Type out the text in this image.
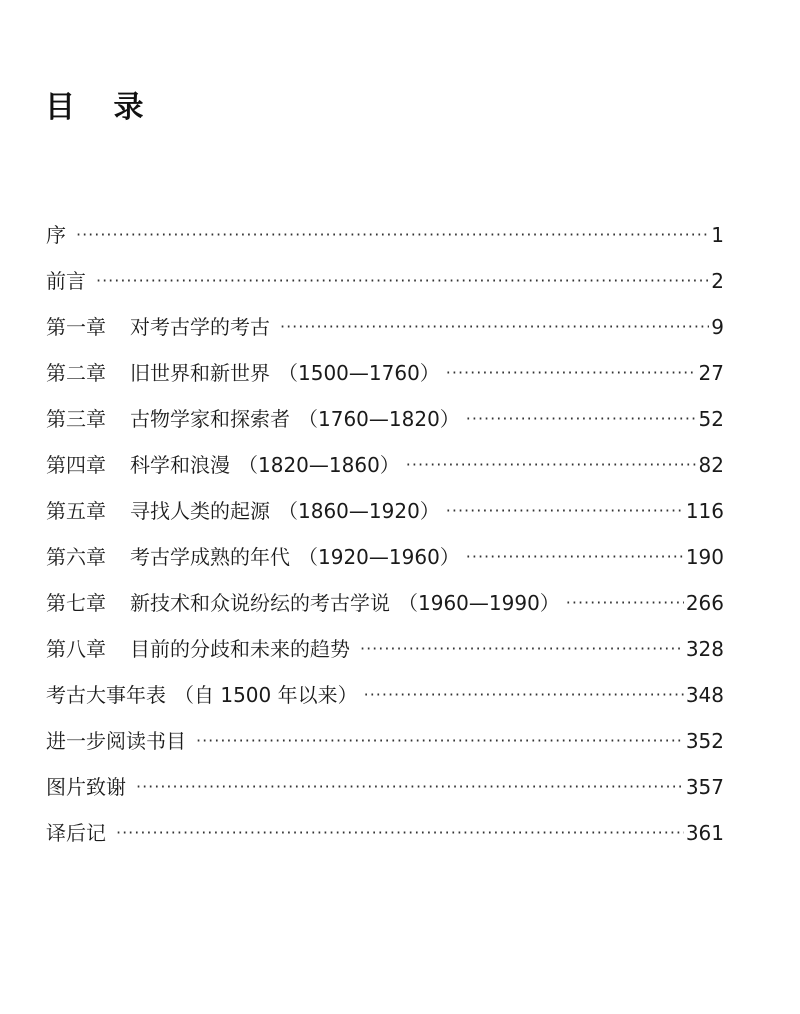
目 录
序 ·····	1
前言 ·····	2
第一章 对考古学的考古 ·····	9
第二章 旧世界和新世界 （1500—1760） ·····	27
第三章 古物学家和探索者 （1760—1820） ·····	52
第四章 科学和浪漫 （1820—1860） ·····	82
第五章 寻找人类的起源 （1860—1920） ·····	116
第六章 考古学成熟的年代 （1920—1960） ·····	190
第七章 新技术和众说纷纭的考古学说 （1960—1990） ·····	266
第八章 目前的分歧和未来的趋势 ·····	328
考古大事年表 （自 1500 年以来） ·····	348
进一步阅读书目 ·····	352
图片致谢 ·····	357
译后记 ·····	361
